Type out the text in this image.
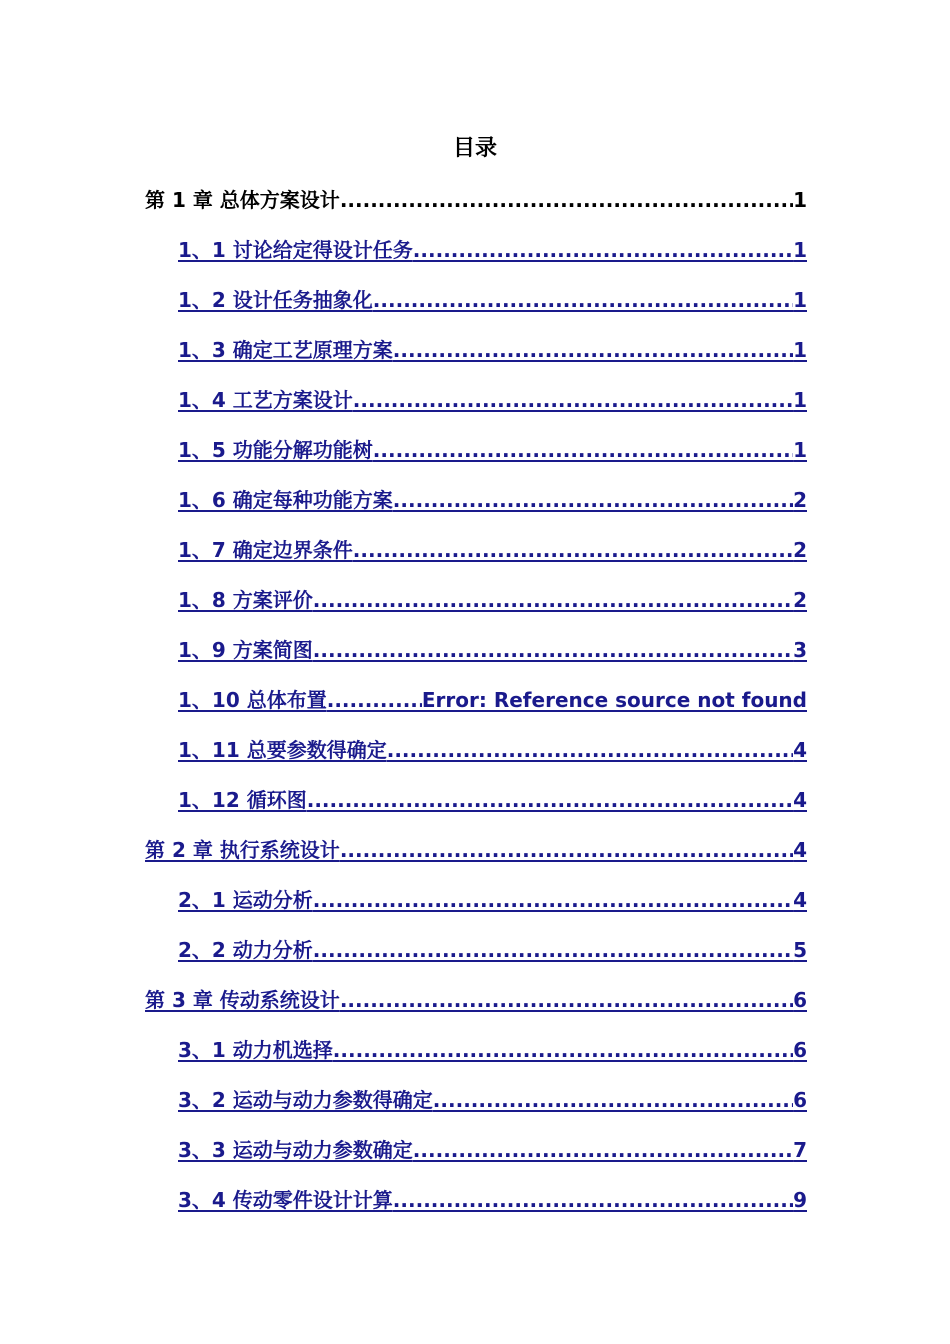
目录
第 1 章 总体方案设计 .....	1
1、1 讨论给定得设计任务 .....	1
1、2 设计任务抽象化 .....	1
1、3 确定工艺原理方案 .....	1
1、4 工艺方案设计 .....	1
1、5 功能分解功能树 .....	1
1、6 确定每种功能方案 .....	2
1、7 确定边界条件 .....	2
1、8 方案评价 .....	2
1、9 方案简图 .....	3
1、10 总体布置 .....	Error: Reference source not found
1、11 总要参数得确定 .....	4
1、12 循环图 .....	4
第 2 章 执行系统设计 .....	4
2、1 运动分析 .....	4
2、2 动力分析 .....	5
第 3 章 传动系统设计 .....	6
3、1 动力机选择 .....	6
3、2 运动与动力参数得确定 .....	6
3、3 运动与动力参数确定 .....	7
3、4 传动零件设计计算 .....	9
